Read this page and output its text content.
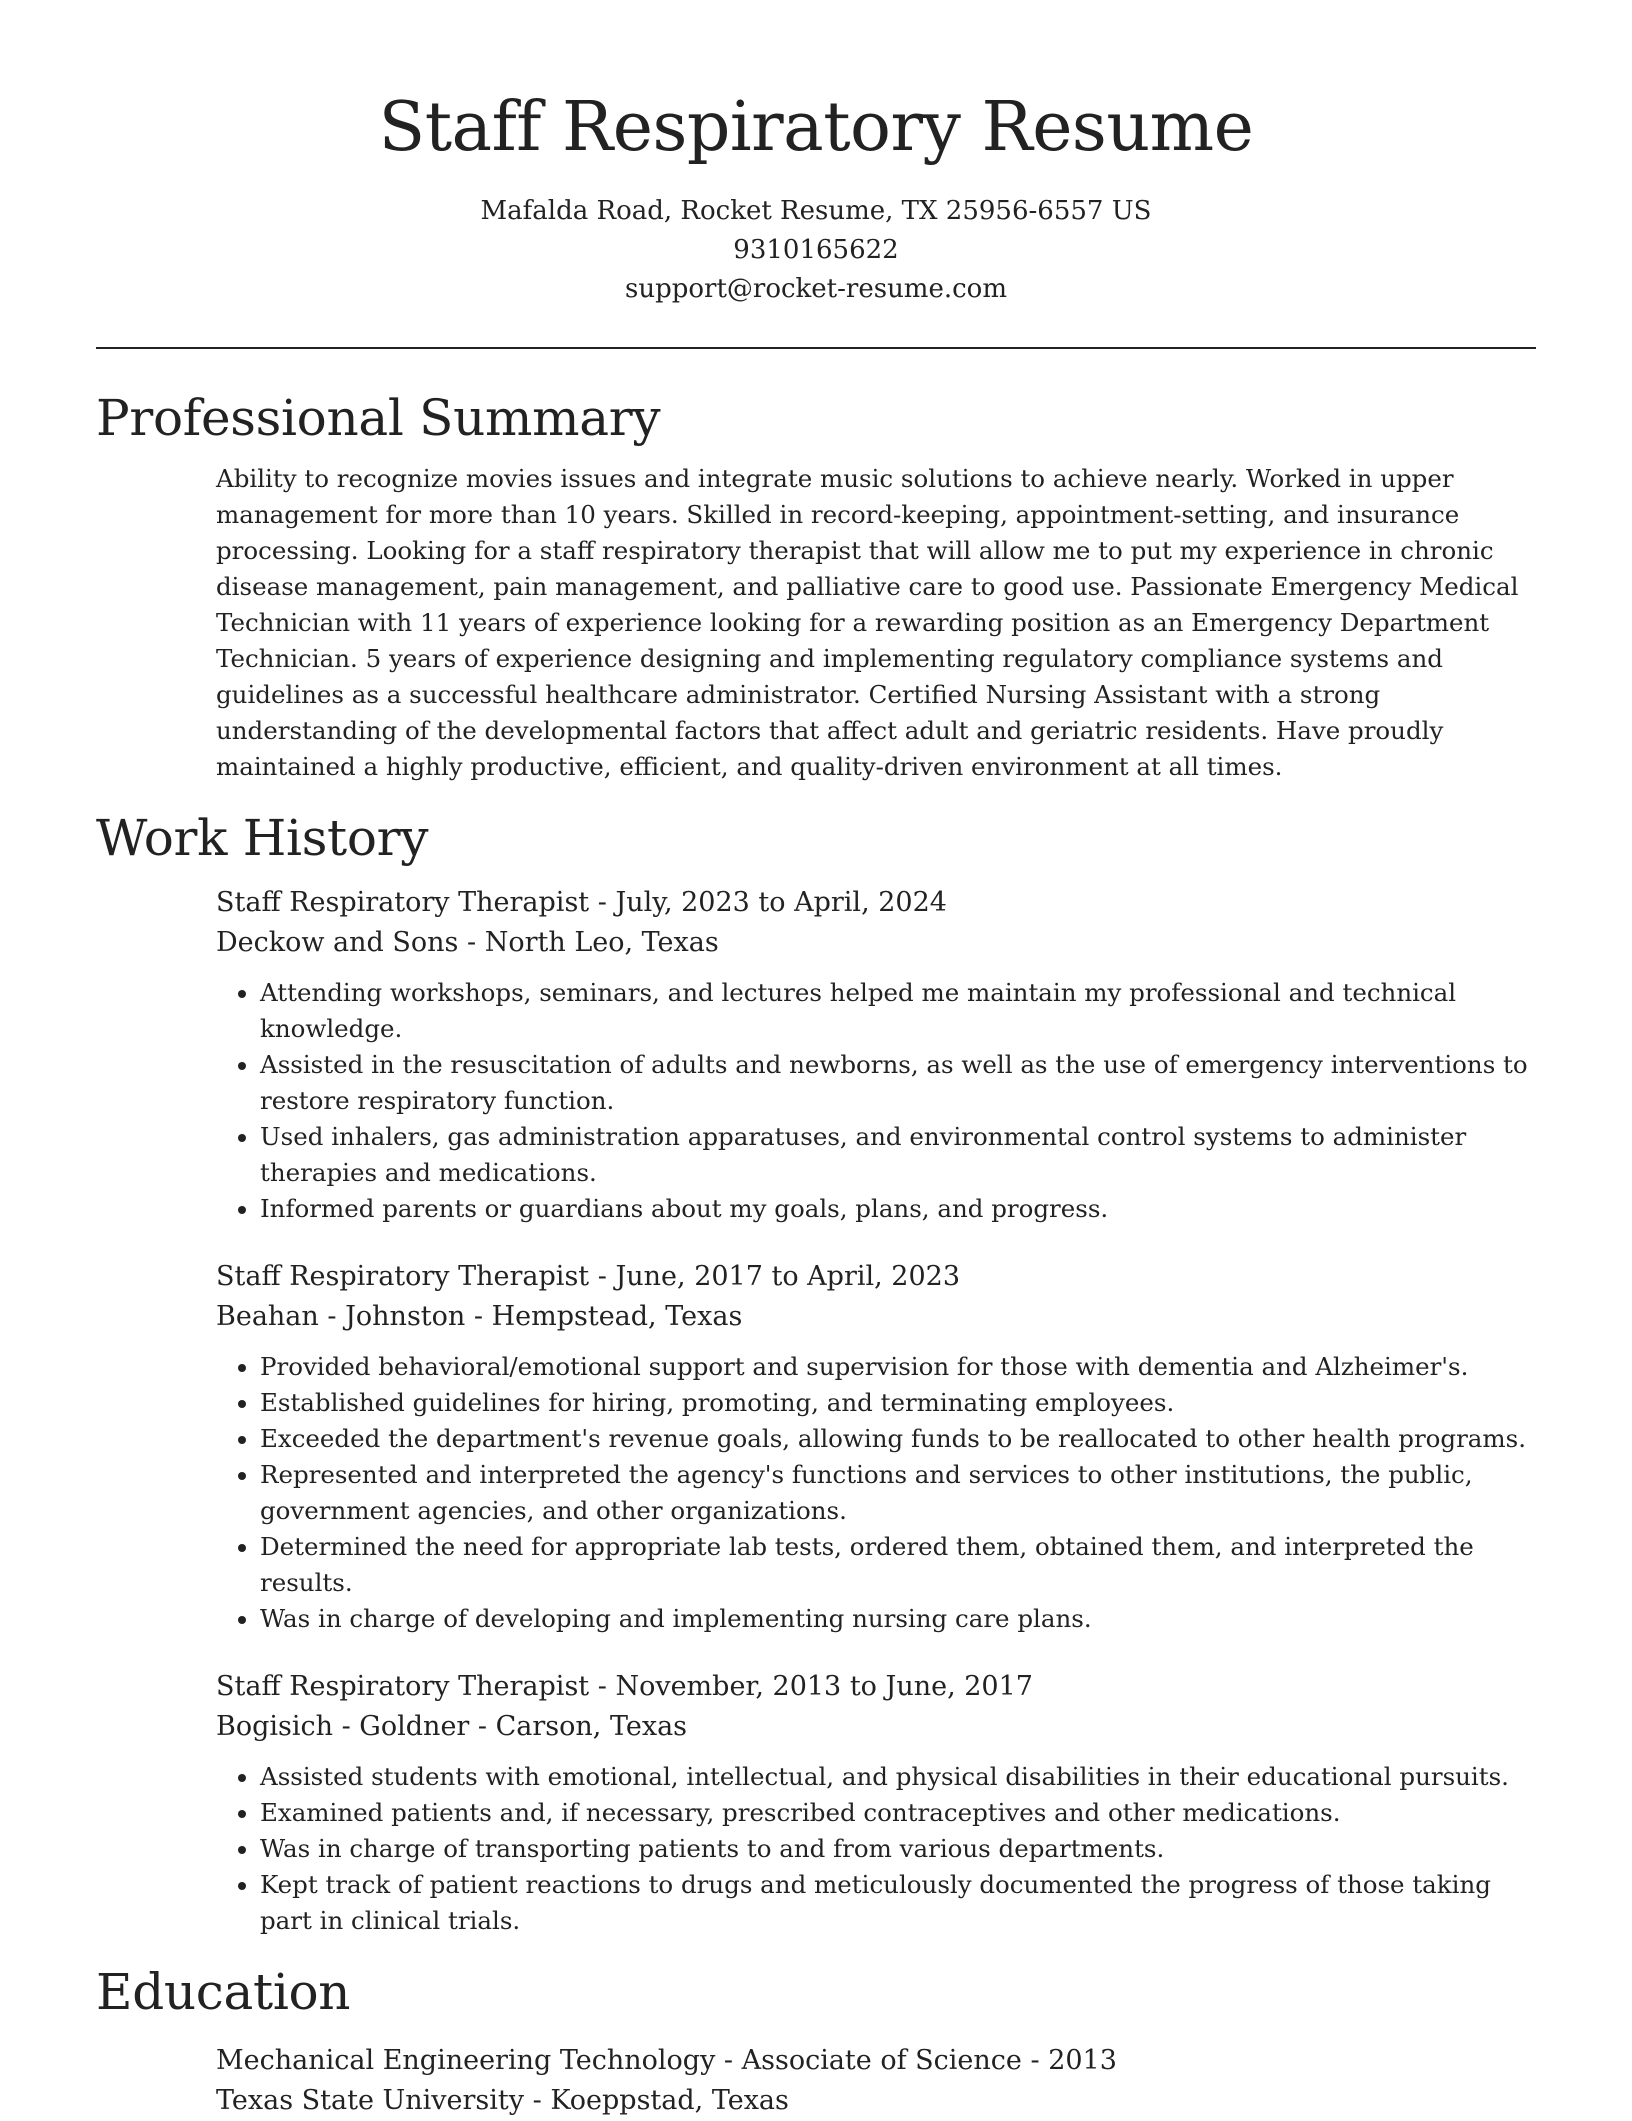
Staff Respiratory Resume
Mafalda Road, Rocket Resume, TX 25956-6557 US
9310165622
support@rocket-resume.com
Professional Summary

Ability to recognize movies issues and integrate music solutions to achieve nearly. Worked in upper management for more than 10 years. Skilled in record-keeping, appointment-setting, and insurance processing. Looking for a staff respiratory therapist that will allow me to put my experience in chronic disease management, pain management, and palliative care to good use. Passionate Emergency Medical Technician with 11 years of experience looking for a rewarding position as an Emergency Department Technician. 5 years of experience designing and implementing regulatory compliance systems and guidelines as a successful healthcare administrator. Certified Nursing Assistant with a strong understanding of the developmental factors that affect adult and geriatric residents. Have proudly maintained a highly productive, efficient, and quality-driven environment at all times.

Work History
Staff Respiratory Therapist - July, 2023 to April, 2024
Deckow and Sons - North Leo, Texas
• Attending workshops, seminars, and lectures helped me maintain my professional and technical knowledge.
• Assisted in the resuscitation of adults and newborns, as well as the use of emergency interventions to restore respiratory function.
• Used inhalers, gas administration apparatuses, and environmental control systems to administer therapies and medications.
• Informed parents or guardians about my goals, plans, and progress.
Staff Respiratory Therapist - June, 2017 to April, 2023
Beahan - Johnston - Hempstead, Texas
• Provided behavioral/emotional support and supervision for those with dementia and Alzheimer's.
• Established guidelines for hiring, promoting, and terminating employees.
• Exceeded the department's revenue goals, allowing funds to be reallocated to other health programs.
• Represented and interpreted the agency's functions and services to other institutions, the public, government agencies, and other organizations.
• Determined the need for appropriate lab tests, ordered them, obtained them, and interpreted the results.
• Was in charge of developing and implementing nursing care plans.
Staff Respiratory Therapist - November, 2013 to June, 2017
Bogisich - Goldner - Carson, Texas
• Assisted students with emotional, intellectual, and physical disabilities in their educational pursuits.
• Examined patients and, if necessary, prescribed contraceptives and other medications.
• Was in charge of transporting patients to and from various departments.
• Kept track of patient reactions to drugs and meticulously documented the progress of those taking part in clinical trials.
Education
Mechanical Engineering Technology - Associate of Science - 2013
Texas State University - Koeppstad, Texas
